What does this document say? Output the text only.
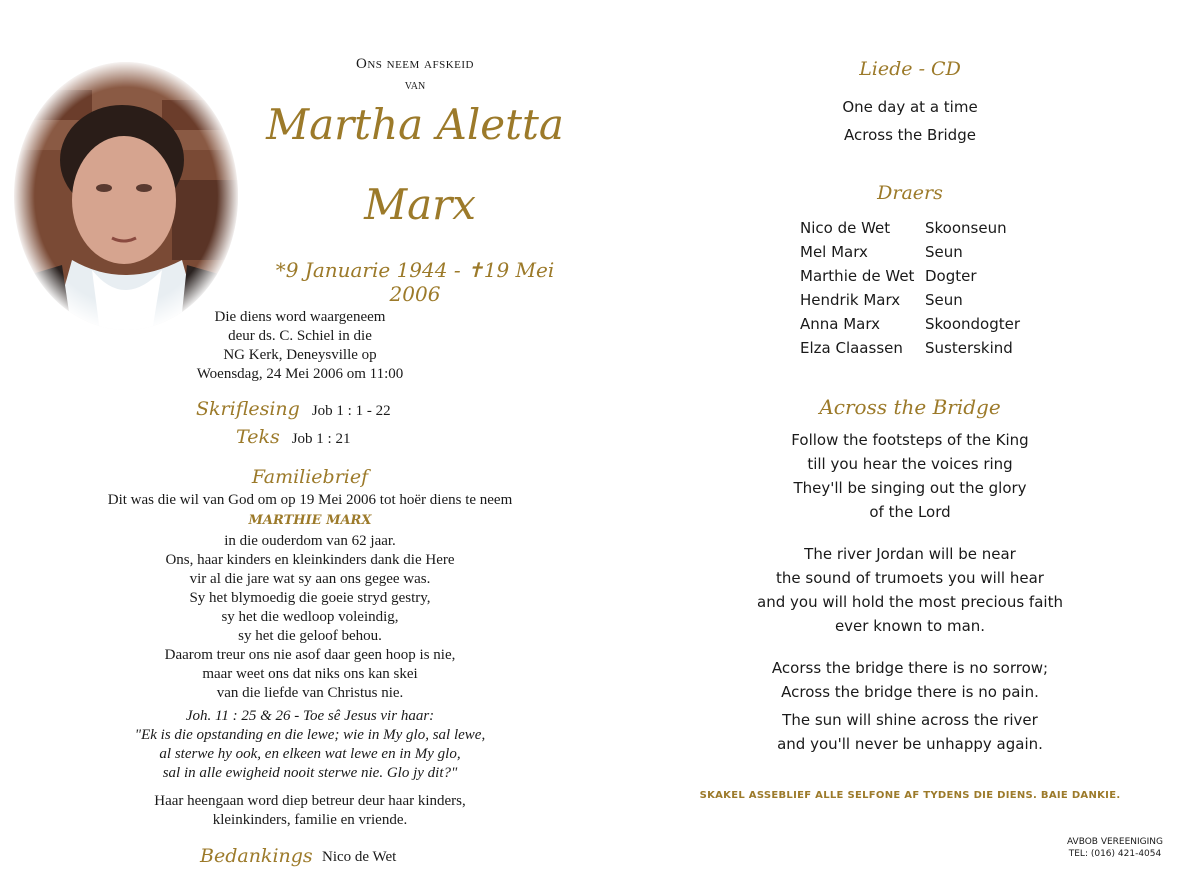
Ons neem afskeid
van
Martha Aletta
Marx
*9 Januarie 1944 - ✝19 Mei 2006
Die diens word waargeneem
deur ds. C. Schiel in die
NG Kerk, Deneysville op
Woensdag, 24 Mei 2006 om 11:00
Skriflesing Job 1 : 1 - 22
Teks Job 1 : 21
Familiebrief
Dit was die wil van God om op 19 Mei 2006 tot hoër diens te neem
MARTHIE MARX
in die ouderdom van 62 jaar.
Ons, haar kinders en kleinkinders dank die Here
vir al die jare wat sy aan ons gegee was.
Sy het blymoedig die goeie stryd gestry,
sy het die wedloop voleindig,
sy het die geloof behou.
Daarom treur ons nie asof daar geen hoop is nie,
maar weet ons dat niks ons kan skei
van die liefde van Christus nie.
Joh. 11 : 25 & 26 - Toe sê Jesus vir haar:
"Ek is die opstanding en die lewe; wie in My glo, sal lewe,
al sterwe hy ook, en elkeen wat lewe en in My glo,
sal in alle ewigheid nooit sterwe nie. Glo jy dit?"
Haar heengaan word diep betreur deur haar kinders,
kleinkinders, familie en vriende.
Bedankings Nico de Wet
Liede - CD
One day at a time
Across the Bridge
Draers
Nico de Wet	Skoonseun
Mel Marx	Seun
Marthie de Wet	Dogter
Hendrik Marx	Seun
Anna Marx	Skoondogter
Elza Claassen	Susterskind
Across the Bridge
Follow the footsteps of the King
till you hear the voices ring
They'll be singing out the glory
of the Lord
The river Jordan will be near
the sound of trumoets you will hear
and you will hold the most precious faith
ever known to man.
Acorss the bridge there is no sorrow;
Across the bridge there is no pain.
The sun will shine across the river
and you'll never be unhappy again.
SKAKEL ASSEBLIEF ALLE SELFONE AF TYDENS DIE DIENS. BAIE DANKIE.
AVBOB VEREENIGING
TEL: (016) 421-4054
